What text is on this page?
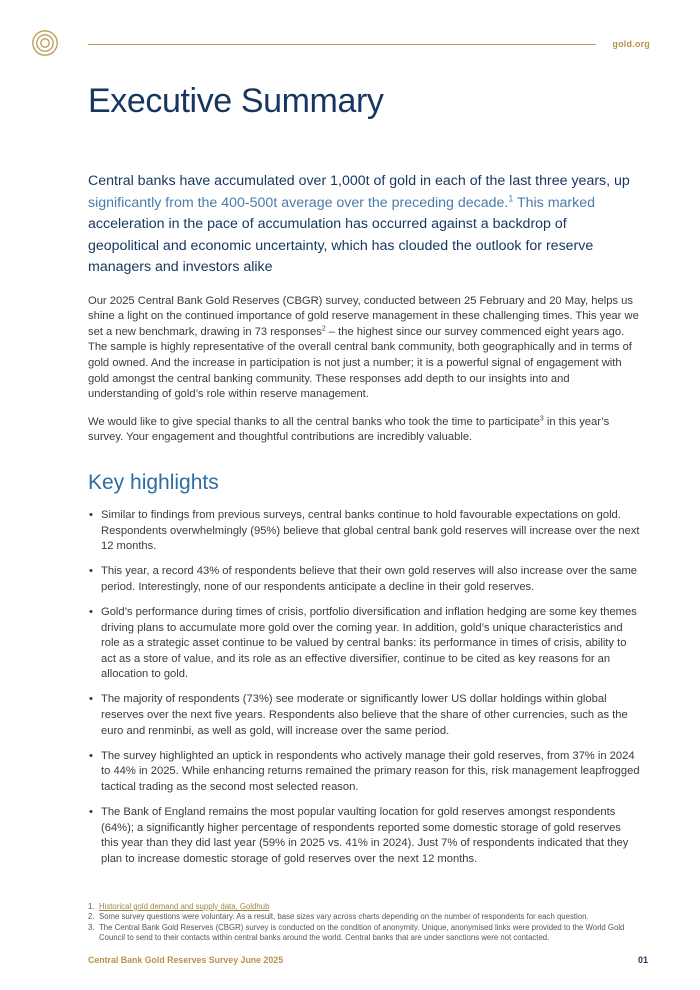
gold.org
Executive Summary

Central banks have accumulated over 1,000t of gold in each of the last three years, up significantly from the 400-500t average over the preceding decade.$^1$ This marked acceleration in the pace of accumulation has occurred against a backdrop of geopolitical and economic uncertainty, which has clouded the outlook for reserve managers and investors alike

Our 2025 Central Bank Gold Reserves (CBGR) survey, conducted between 25 February and 20 May, helps us shine a light on the continued importance of gold reserve management in these challenging times. This year we set a new benchmark, drawing in 73 responses$^2$ – the highest since our survey commenced eight years ago. The sample is highly representative of the overall central bank community, both geographically and in terms of gold owned. And the increase in participation is not just a number; it is a powerful signal of engagement with gold amongst the central banking community. These responses add depth to our insights into and understanding of gold’s role within reserve management.

We would like to give special thanks to all the central banks who took the time to participate$^3$ in this year’s survey. Your engagement and thoughtful contributions are incredibly valuable.

Key highlights
• Similar to findings from previous surveys, central banks continue to hold favourable expectations on gold. Respondents overwhelmingly (95%) believe that global central bank gold reserves will increase over the next 12 months.
• This year, a record 43% of respondents believe that their own gold reserves will also increase over the same period. Interestingly, none of our respondents anticipate a decline in their gold reserves.
• Gold’s performance during times of crisis, portfolio diversification and inflation hedging are some key themes driving plans to accumulate more gold over the coming year. In addition, gold’s unique characteristics and role as a strategic asset continue to be valued by central banks: its performance in times of crisis, ability to act as a store of value, and its role as an effective diversifier, continue to be cited as key reasons for an allocation to gold.
• The majority of respondents (73%) see moderate or significantly lower US dollar holdings within global reserves over the next five years. Respondents also believe that the share of other currencies, such as the euro and renminbi, as well as gold, will increase over the same period.
• The survey highlighted an uptick in respondents who actively manage their gold reserves, from 37% in 2024 to 44% in 2025. While enhancing returns remained the primary reason for this, risk management leapfrogged tactical trading as the second most selected reason.
• The Bank of England remains the most popular vaulting location for gold reserves amongst respondents (64%); a significantly higher percentage of respondents reported some domestic storage of gold reserves this year than they did last year (59% in 2025 vs. 41% in 2024). Just 7% of respondents indicated that they plan to increase domestic storage of gold reserves over the next 12 months.
1. Historical gold demand and supply data, Goldhub
2. Some survey questions were voluntary. As a result, base sizes vary across charts depending on the number of respondents for each question.
3. The Central Bank Gold Reserves (CBGR) survey is conducted on the condition of anonymity. Unique, anonymised links were provided to the World Gold Council to send to their contacts within central banks around the world. Central banks that are under sanctions were not contacted.
Central Bank Gold Reserves Survey June 2025	01
